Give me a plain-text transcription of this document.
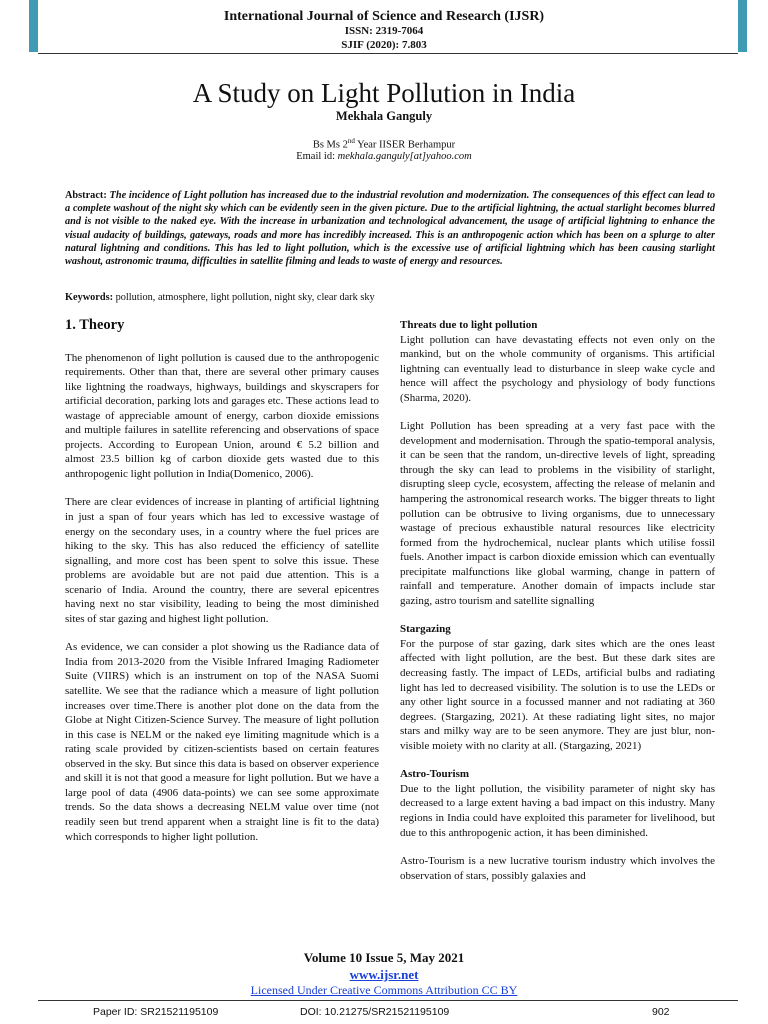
International Journal of Science and Research (IJSR)
ISSN: 2319-7064
SJIF (2020): 7.803
A Study on Light Pollution in India
Mekhala Ganguly
Bs Ms 2nd Year IISER Berhampur
Email id: mekhala.ganguly[at]yahoo.com
Abstract: The incidence of Light pollution has increased due to the industrial revolution and modernization. The consequences of this effect can lead to a complete washout of the night sky which can be evidently seen in the given picture. Due to the artificial lightning, the actual starlight becomes blurred and is not visible to the naked eye. With the increase in urbanization and technological advancement, the usage of artificial lightning to enhance the visual audacity of buildings, gateways, roads and more has incredibly increased. This is an anthropogenic action which has been on a splurge to alter natural lightning and conditions. This has led to light pollution, which is the excessive use of artificial lightning which has been causing starlight washout, astronomic trauma, difficulties in satellite filming and leads to waste of energy and resources.
Keywords: pollution, atmosphere, light pollution, night sky, clear dark sky
1. Theory

The phenomenon of light pollution is caused due to the anthropogenic requirements. Other than that, there are several other primary causes like lightning the roadways, highways, buildings and skyscrapers for artificial decoration, parking lots and garages etc. These actions lead to wastage of appreciable amount of energy, carbon dioxide emissions and multiple failures in satellite referencing and observations of space projects. According to European Union, around € 5.2 billion and almost 23.5 billion kg of carbon dioxide gets wasted due to this anthropogenic light pollution in India(Domenico, 2006).

There are clear evidences of increase in planting of artificial lightning in just a span of four years which has led to excessive wastage of energy on the secondary uses, in a country where the fuel prices are hiking to the sky. This has also reduced the efficiency of satellite signalling, and more cost has been spent to solve this issue. These problems are avoidable but are not paid due attention. This is a scenario of India. Around the country, there are several epicentres having next no star visibility, leading to being the most diminished sites of star gazing and highest light pollution.

As evidence, we can consider a plot showing us the Radiance data of India from 2013-2020 from the Visible Infrared Imaging Radiometer Suite (VIIRS) which is an instrument on top of the NASA Suomi satellite. We see that the radiance which a measure of light pollution increases over time.There is another plot done on the data from the Globe at Night Citizen-Science Survey. The measure of light pollution in this case is NELM or the naked eye limiting magnitude which is a rating scale provided by citizen-scientists based on certain features observed in the sky. But since this data is based on observer experience and skill it is not that good a measure for light pollution. But we have a large pool of data (4906 data-points) we can see some approximate trends. So the data shows a decreasing NELM value over time (not readily seen but trend apparent when a straight line is fit to the data) which corresponds to higher light pollution.

Threats due to light pollution

Light pollution can have devastating effects not even only on the mankind, but on the whole community of organisms. This artificial lightning can eventually lead to disturbance in sleep wake cycle and hence will affect the psychology and physiology of body functions (Sharma, 2020).

Light Pollution has been spreading at a very fast pace with the development and modernisation. Through the spatio-temporal analysis, it can be seen that the random, un-directive levels of light, spreading through the sky can lead to problems in the visibility of starlight, disrupting sleep cycle, ecosystem, affecting the release of melanin and hampering the astronomical research works. The bigger threats to light pollution can be obtrusive to living organisms, due to unnecessary wastage of precious exhaustible natural resources like electricity formed from the hydrochemical, nuclear plants which utilise fossil fuels. Another impact is carbon dioxide emission which can eventually precipitate malfunctions like global warming, change in pattern of rainfall and temperature. Another domain of impacts include star gazing, astro tourism and satellite signalling

Stargazing

For the purpose of star gazing, dark sites which are the ones least affected with light pollution, are the best. But these dark sites are decreasing fastly. The impact of LEDs, artificial bulbs and radiating light has led to decreased visibility. The solution is to use the LEDs or any other light source in a focussed manner and not radiating at 360 degrees. (Stargazing, 2021). At these radiating light sites, no major stars and milky way are to be seen anymore. They are just blur, non-visible moiety with no clarity at all. (Stargazing, 2021)

Astro-Tourism

Due to the light pollution, the visibility parameter of night sky has decreased to a large extent having a bad impact on this industry. Many regions in India could have exploited this parameter for livelihood, but due to this anthropogenic action, it has been diminished.

Astro-Tourism is a new lucrative tourism industry which involves the observation of stars, possibly galaxies and

Volume 10 Issue 5, May 2021
www.ijsr.net
Licensed Under Creative Commons Attribution CC BY
Paper ID: SR21521195109	DOI: 10.21275/SR21521195109	902
